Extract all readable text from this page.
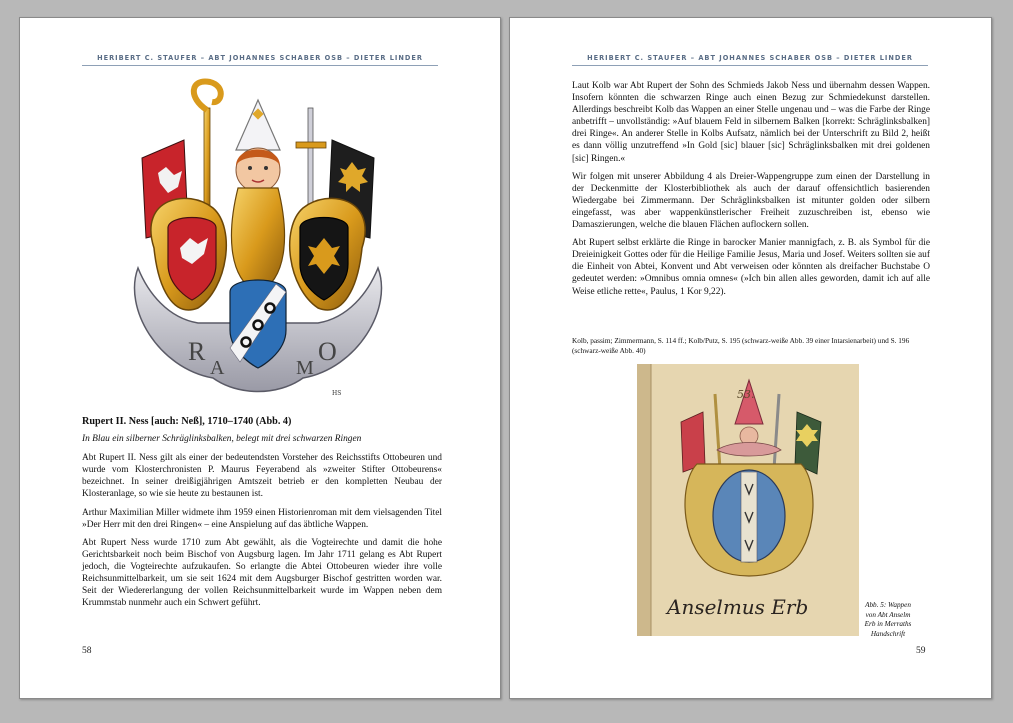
HERIBERT C. STAUFER – ABT JOHANNES SCHABER OSB – DIETER LINDER
R
A	M
O
HS

Rupert II. Ness [auch: Neß], 1710–1740 (Abb. 4)

In Blau ein silberner Schräglinksbalken, belegt mit drei schwarzen Ringen

Abt Rupert II. Ness gilt als einer der bedeutendsten Vorsteher des Reichsstifts Ottobeuren und wurde vom Klosterchronisten P. Maurus Feyerabend als »zweiter Stifter Ottobeurens« bezeichnet. In seiner dreißigjährigen Amtszeit betrieb er den kompletten Neubau der Klosteranlage, so wie sie heute zu bestaunen ist.

Arthur Maximilian Miller widmete ihm 1959 einen Historienroman mit dem vielsagenden Titel »Der Herr mit den drei Ringen« – eine Anspielung auf das äbtliche Wappen.

Abt Rupert Ness wurde 1710 zum Abt gewählt, als die Vogteirechte und damit die hohe Gerichtsbarkeit noch beim Bischof von Augsburg lagen. Im Jahr 1711 gelang es Abt Rupert jedoch, die Vogteirechte aufzukaufen. So erlangte die Abtei Ottobeuren wieder ihre volle Reichsunmittelbarkeit, um sie seit 1624 mit dem Augsburger Bischof gestritten worden war. Seit der Wiedererlangung der vollen Reichsunmittelbarkeit wurde im Wappen neben dem Krummstab nunmehr auch ein Schwert geführt.

58
HERIBERT C. STAUFER – ABT JOHANNES SCHABER OSB – DIETER LINDER

Laut Kolb war Abt Rupert der Sohn des Schmieds Jakob Ness und übernahm dessen Wappen. Insofern könnten die schwarzen Ringe auch einen Bezug zur Schmiedekunst darstellen. Allerdings beschreibt Kolb das Wappen an einer Stelle ungenau und – was die Farbe der Ringe anbetrifft – unvollständig: »Auf blauem Feld in silbernem Balken [korrekt: Schräglinksbalken] drei Ringe«. An anderer Stelle in Kolbs Aufsatz, nämlich bei der Unterschrift zu Bild 2, heißt es dann völlig unzutreffend »In Gold [sic] blauer [sic] Schräglinksbalken mit drei goldenen [sic] Ringen.«

Wir folgen mit unserer Abbildung 4 als Dreier-Wappengruppe zum einen der Darstellung in der Deckenmitte der Klosterbibliothek als auch der darauf offensichtlich basierenden Wiedergabe bei Zimmermann. Der Schräglinksbalken ist mitunter golden oder silbern eingefasst, was aber wappenkünstlerischer Freiheit zuzuschreiben ist, ebenso wie Damaszierungen, welche die blauen Flächen auflockern sollen.

Abt Rupert selbst erklärte die Ringe in barocker Manier mannigfach, z. B. als Symbol für die Dreieinigkeit Gottes oder für die Heilige Familie Jesus, Maria und Josef. Weiters sollten sie auf die Einheit von Abtei, Konvent und Abt verweisen oder könnten als dreifacher Buchstabe O gedeutet werden: »Omnibus omnia omnes« (»Ich bin allen alles geworden, damit ich auf alle Weise etliche rette«, Paulus, 1 Kor 9,22).

Kolb, passim; Zimmermann, S. 114 ff.; Kolb/Putz, S. 195 (schwarz-weiße Abb. 39 einer Intarsienarbeit) und S. 196 (schwarz-weiße Abb. 40)
53.
Anselmus Erb	Abb. 5: Wappen von Abt Anselm Erb in Merraths Handschrift
59
